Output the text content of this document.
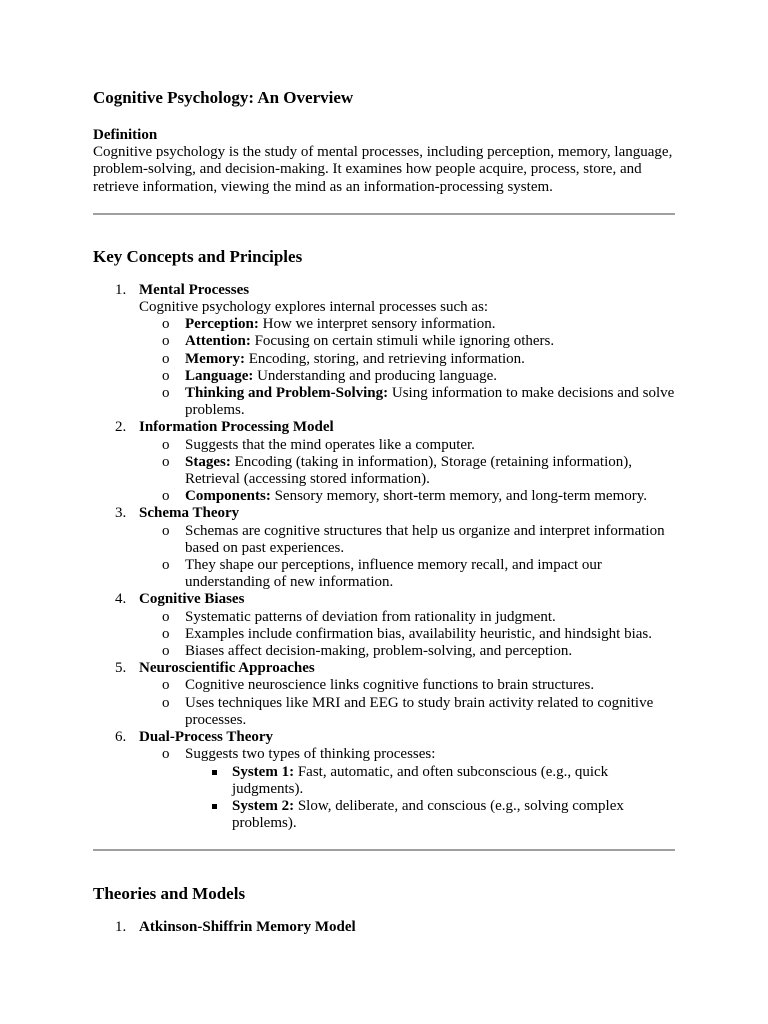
Cognitive Psychology: An Overview

Definition

Cognitive psychology is the study of mental processes, including perception, memory, language, problem-solving, and decision-making. It examines how people acquire, process, store, and retrieve information, viewing the mind as an information-processing system.

Key Concepts and Principles
1. Mental Processes
Cognitive psychology explores internal processes such as:
o Perception: How we interpret sensory information.
o Attention: Focusing on certain stimuli while ignoring others.
o Memory: Encoding, storing, and retrieving information.
o Language: Understanding and producing language.
o Thinking and Problem-Solving: Using information to make decisions and solve problems.
2. Information Processing Model
o Suggests that the mind operates like a computer.
o Stages: Encoding (taking in information), Storage (retaining information), Retrieval (accessing stored information).
o Components: Sensory memory, short-term memory, and long-term memory.
3. Schema Theory
o Schemas are cognitive structures that help us organize and interpret information based on past experiences.
o They shape our perceptions, influence memory recall, and impact our understanding of new information.
4. Cognitive Biases
o Systematic patterns of deviation from rationality in judgment.
o Examples include confirmation bias, availability heuristic, and hindsight bias.
o Biases affect decision-making, problem-solving, and perception.
5. Neuroscientific Approaches
o Cognitive neuroscience links cognitive functions to brain structures.
o Uses techniques like MRI and EEG to study brain activity related to cognitive processes.
6. Dual-Process Theory
o Suggests two types of thinking processes:
System 1: Fast, automatic, and often subconscious (e.g., quick judgments).
System 2: Slow, deliberate, and conscious (e.g., solving complex problems).
Theories and Models
1. Atkinson-Shiffrin Memory Model
